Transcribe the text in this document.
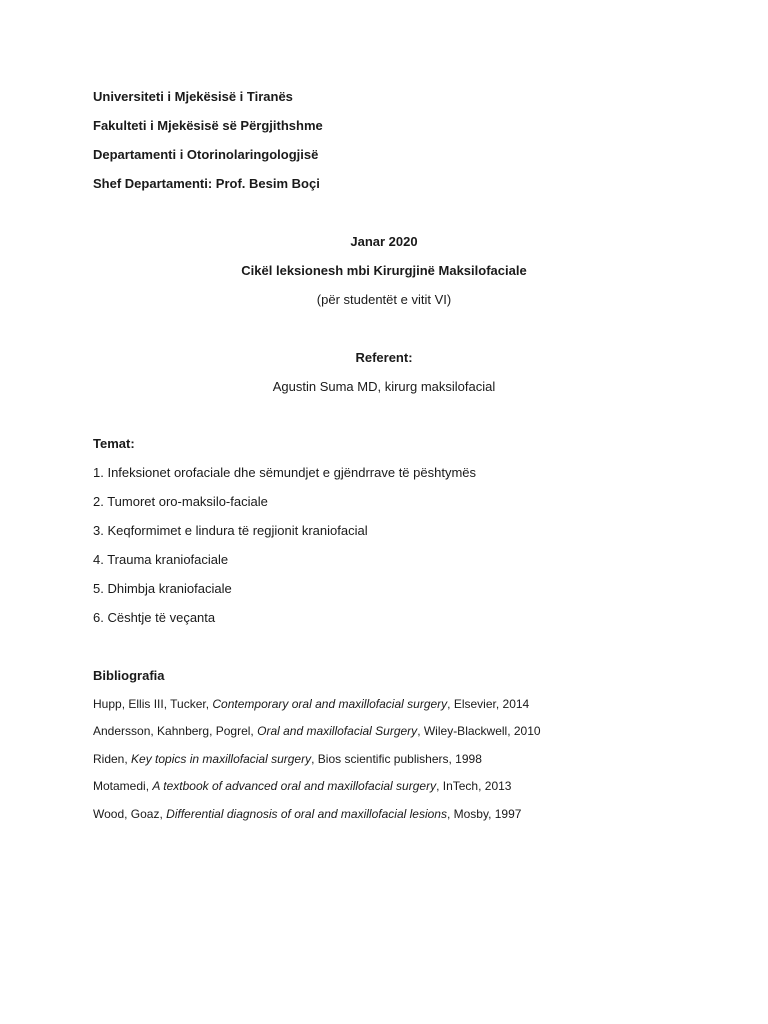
Universiteti i Mjekësisë i Tiranës
Fakulteti i Mjekësisë së Përgjithshme
Departamenti i Otorinolaringologjisë
Shef Departamenti: Prof. Besim Boçi
Janar 2020
Cikël leksionesh mbi Kirurgjinë Maksilofaciale
(për studentët e vitit VI)
Referent:
Agustin Suma MD, kirurg maksilofacial
Temat:
1. Infeksionet orofaciale dhe sëmundjet e gjëndrrave të pështymës
2. Tumoret oro-maksilo-faciale
3. Keqformimet e lindura të regjionit kraniofacial
4. Trauma kraniofaciale
5. Dhimbja kraniofaciale
6. Cështje të veçanta
Bibliografia
Hupp, Ellis III, Tucker, Contemporary oral and maxillofacial surgery, Elsevier, 2014
Andersson, Kahnberg, Pogrel, Oral and maxillofacial Surgery, Wiley-Blackwell, 2010
Riden, Key topics in maxillofacial surgery, Bios scientific publishers, 1998
Motamedi, A textbook of advanced oral and maxillofacial surgery, InTech, 2013
Wood, Goaz, Differential diagnosis of oral and maxillofacial lesions, Mosby, 1997
